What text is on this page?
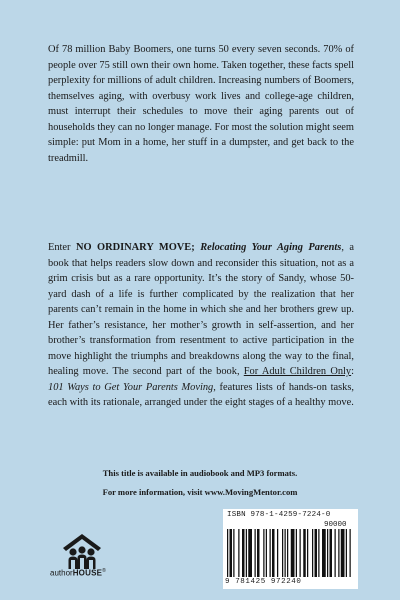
Of 78 million Baby Boomers, one turns 50 every seven seconds. 70% of people over 75 still own their own home. Taken together, these facts spell perplexity for millions of adult children. Increasing numbers of Boomers, themselves aging, with overbusy work lives and college-age children, must interrupt their schedules to move their aging parents out of households they can no longer manage. For most the solution might seem simple: put Mom in a home, her stuff in a dumpster, and get back to the treadmill.
Enter NO ORDINARY MOVE; Relocating Your Aging Parents, a book that helps readers slow down and reconsider this situation, not as a grim crisis but as a rare opportunity. It’s the story of Sandy, whose 50-yard dash of a life is further complicated by the realization that her parents can’t remain in the home in which she and her brothers grew up. Her father’s resistance, her mother’s growth in self-assertion, and her brother’s transformation from resentment to active participation in the move highlight the triumphs and breakdowns along the way to the final, healing move. The second part of the book, For Adult Children Only: 101 Ways to Get Your Parents Moving, features lists of hands-on tasks, each with its rationale, arranged under the eight stages of a healthy move.
This title is available in audiobook and MP3 formats.
For more information, visit www.MovingMentor.com
authorHOUSE®
ISBN 978-1-4259-7224-0
90000
9 781425 972240
